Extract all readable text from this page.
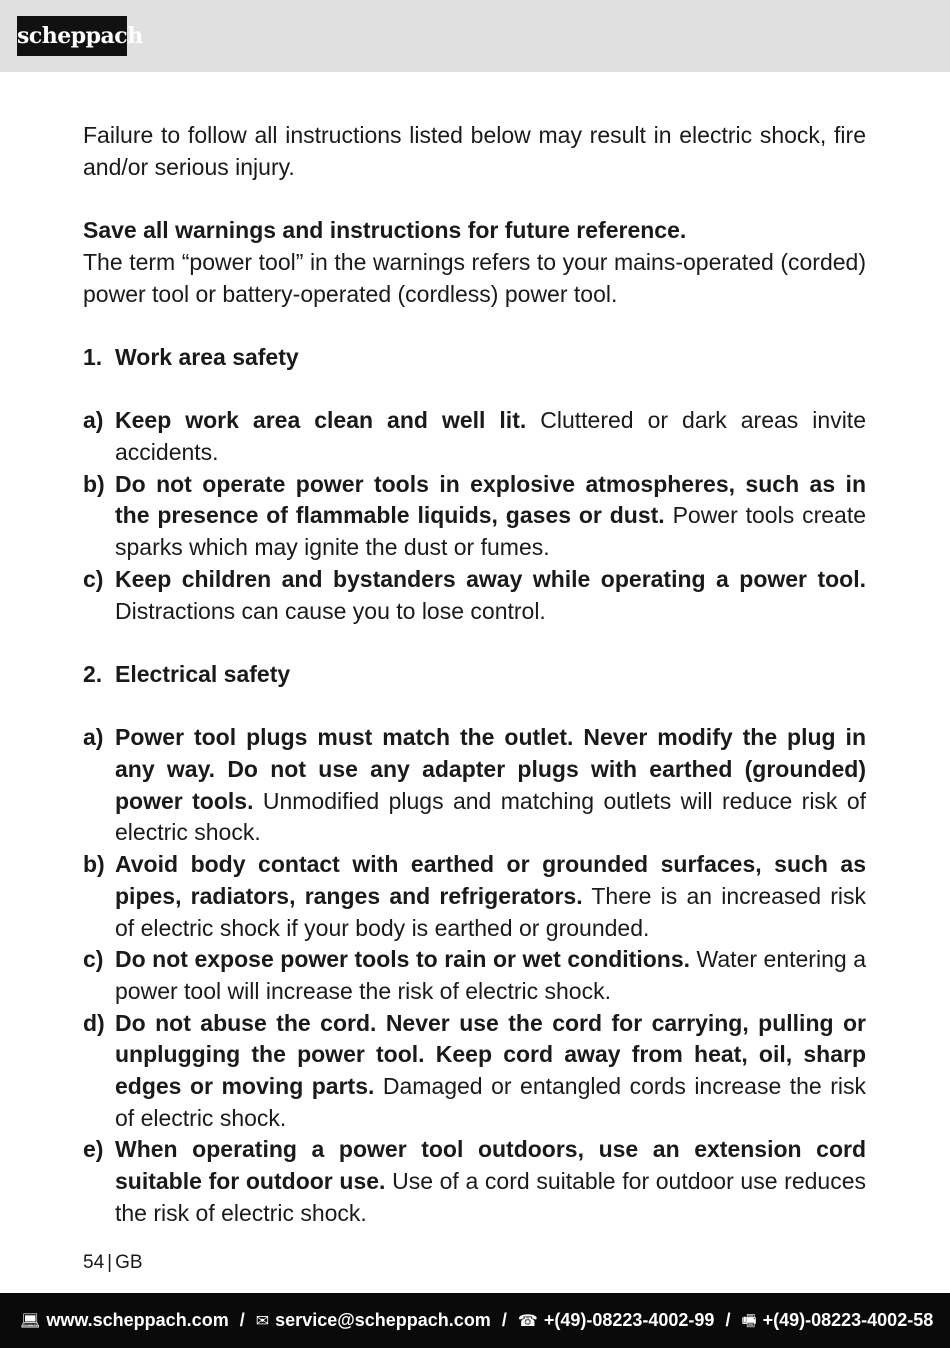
scheppach

Failure to follow all instructions listed below may result in electric shock, fire and/or serious injury.

Save all warnings and instructions for future reference.

The term “power tool” in the warnings refers to your mains-operated (corded) power tool or battery-operated (cordless) power tool.

1. Work area safety
a) Keep work area clean and well lit. Cluttered or dark areas invite accidents.
b) Do not operate power tools in explosive atmospheres, such as in the presence of flammable liquids, gases or dust. Power tools create sparks which may ignite the dust or fumes.
c) Keep children and bystanders away while operating a power tool. Distractions can cause you to lose control.
2. Electrical safety
a) Power tool plugs must match the outlet. Never modify the plug in any way. Do not use any adapter plugs with earthed (grounded) power tools. Unmodified plugs and matching outlets will reduce risk of electric shock.
b) Avoid body contact with earthed or grounded surfaces, such as pipes, radiators, ranges and refrigerators. There is an increased risk of electric shock if your body is earthed or grounded.
c) Do not expose power tools to rain or wet conditions. Water entering a power tool will increase the risk of electric shock.
d) Do not abuse the cord. Never use the cord for carrying, pulling or unplugging the power tool. Keep cord away from heat, oil, sharp edges or moving parts. Damaged or entangled cords increase the risk of electric shock.
e) When operating a power tool outdoors, use an extension cord suitable for outdoor use. Use of a cord suitable for outdoor use reduces the risk of electric shock.
54 | GB
💻︎ www.scheppach.com / ✉ service@scheppach.com / ☎ +(49)-08223-4002-99 / 🖷︎ +(49)-08223-4002-58
